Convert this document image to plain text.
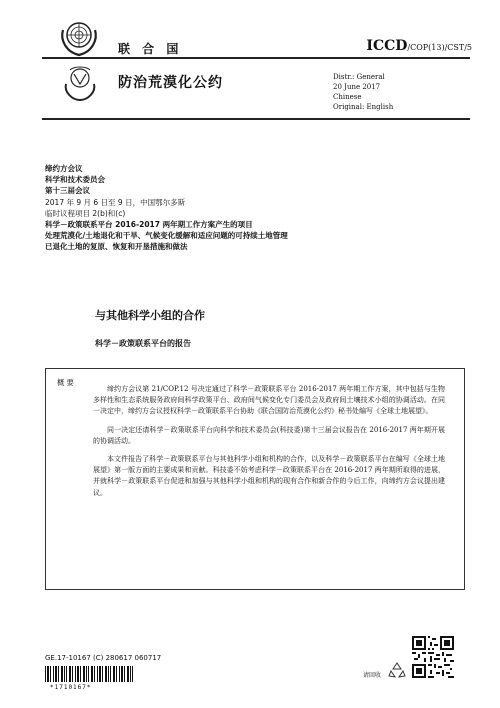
联 合 国	ICCD/COP(13)/CST/5
防治荒漠化公约	Distr.: General
20 June 2017
Chinese
Original: English
缔约方会议
科学和技术委员会
第十三届会议
2017 年 9 月 6 日至 9 日，中国鄂尔多斯
临时议程项目 2(b)和(c)
科学－政策联系平台 2016-2017 两年期工作方案产生的项目
处理荒漠化/土地退化和干旱、气候变化缓解和适应问题的可持续土地管理
已退化土地的复原、恢复和开垦措施和做法
与其他科学小组的合作
科学－政策联系平台的报告
概要

缔约方会议第 21/COP.12 号决定通过了科学－政策联系平台 2016-2017 两年期工作方案，其中包括与生物多样性和生态系统服务政府间科学政策平台、政府间气候变化专门委员会及政府间土壤技术小组的协调活动。在同一决定中，缔约方会议授权科学－政策联系平台协助《联合国防治荒漠化公约》秘书处编写《全球土地展望》。

同一决定还请科学－政策联系平台向科学和技术委员会(科技委)第十三届会议报告在 2016-2017 两年期开展的协调活动。

本文件报告了科学－政策联系平台与其他科学小组和机构的合作，以及科学－政策联系平台在编写《全球土地展望》第一版方面的主要成果和贡献。科技委不妨考虑科学－政策联系平台在 2016-2017 两年期所取得的进展，并就科学－政策联系平台促进和加强与其他科学小组和机构的现有合作和新合作的今后工作，向缔约方会议提出建议。

GE.17-10167 (C) 280617 060717
*1710167*
请回收
